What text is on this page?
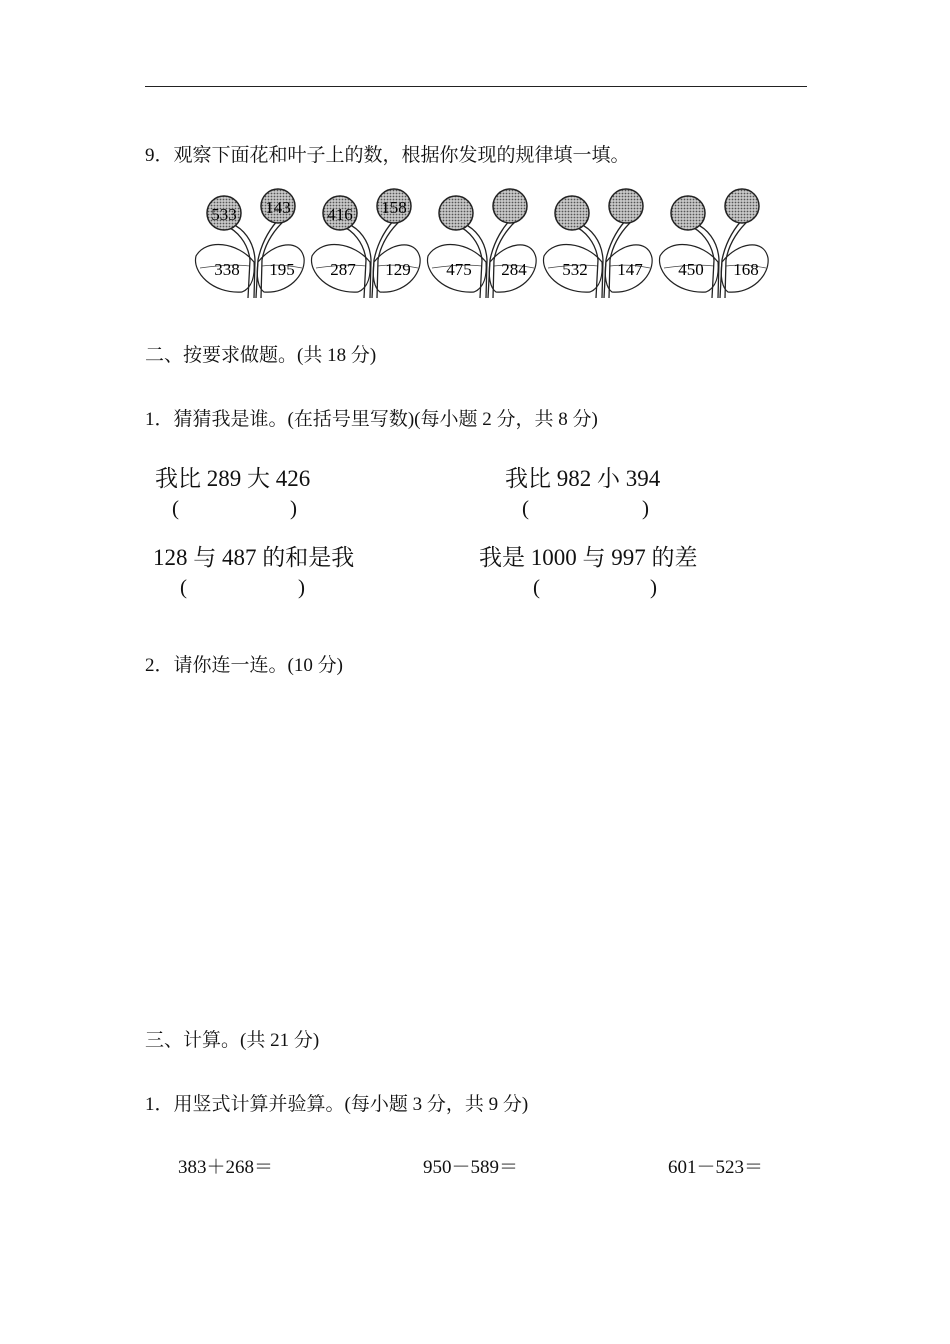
9．观察下面花和叶子上的数，根据你发现的规律填一填。
533 143
338 195
416 158
287 129 475 284 532 147 450 168
二、按要求做题。(共 18 分)
1．猜猜我是谁。(在括号里写数)(每小题 2 分，共 8 分)
我比 289 大 426
(	)
我比 982 小 394
(	)
128 与 487 的和是我
(	)
我是 1000 与 997 的差
(	)
2．请你连一连。(10 分)
三、计算。(共 21 分)
1．用竖式计算并验算。(每小题 3 分，共 9 分)
383＋268＝	950－589＝	601－523＝
